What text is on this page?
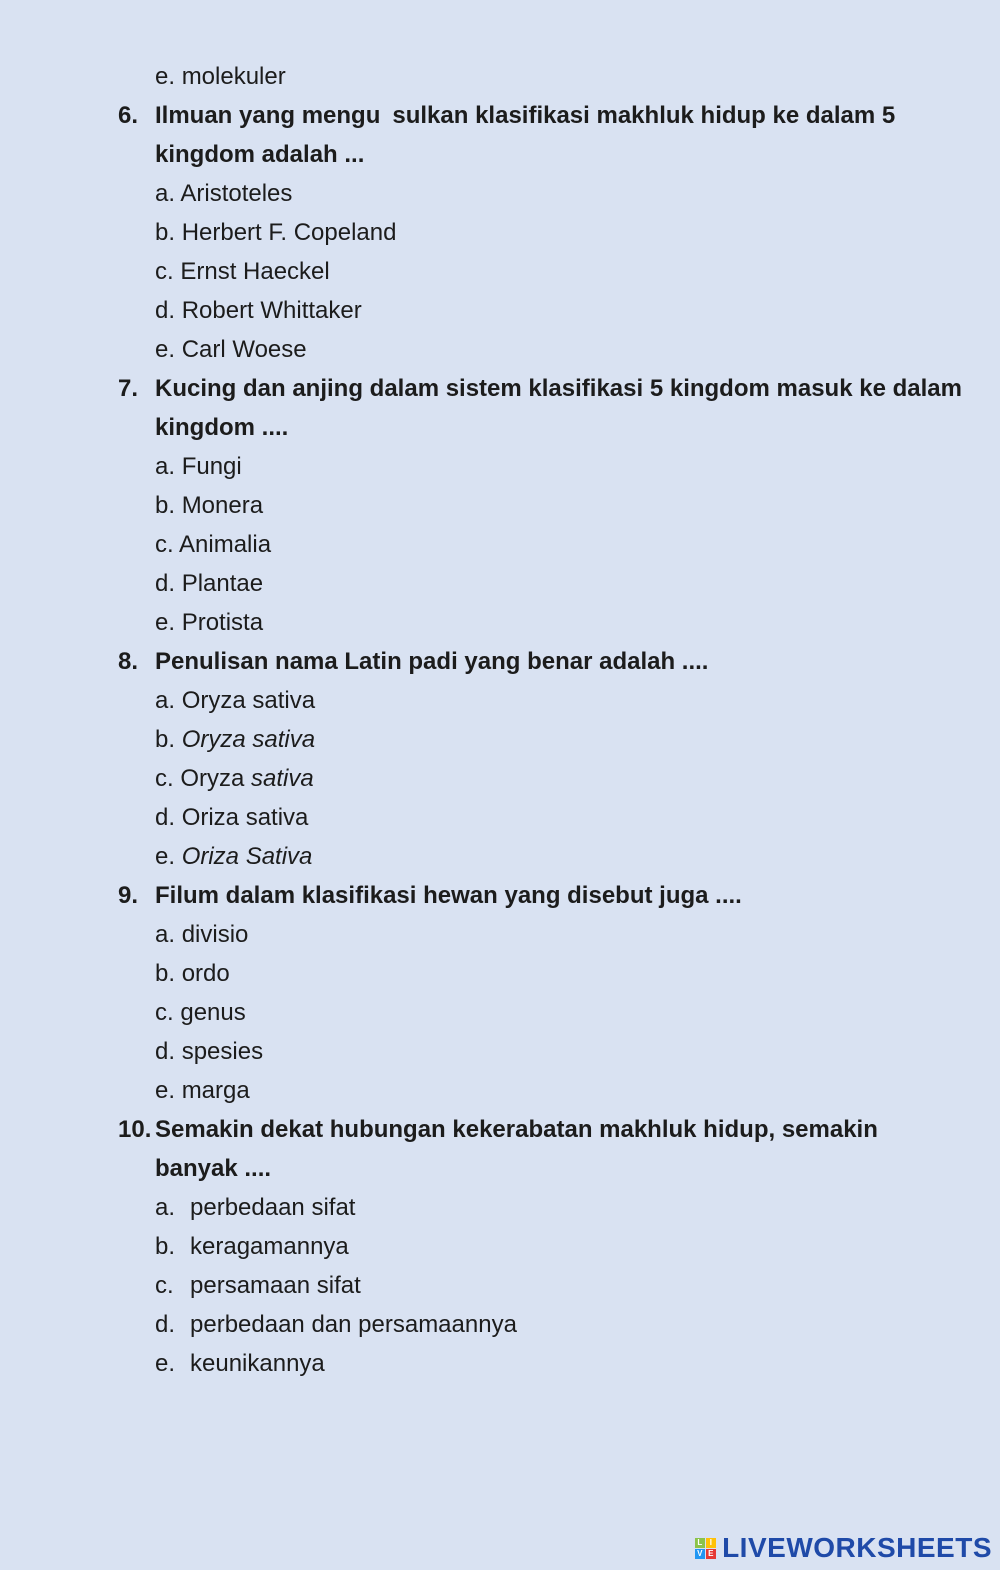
e. molekuler
6. Ilmuan yang mengu sulkan klasifikasi makhluk hidup ke dalam 5
kingdom adalah ...
a. Aristoteles
b. Herbert F. Copeland
c. Ernst Haeckel
d. Robert Whittaker
e. Carl Woese
7. Kucing dan anjing dalam sistem klasifikasi 5 kingdom masuk ke dalam
kingdom ....
a. Fungi
b. Monera
c. Animalia
d. Plantae
e. Protista
8. Penulisan nama Latin padi yang benar adalah ....
a. Oryza sativa
b. Oryza sativa
c. Oryza sativa
d. Oriza sativa
e. Oriza Sativa
9. Filum dalam klasifikasi hewan yang disebut juga ....
a. divisio
b. ordo
c. genus
d. spesies
e. marga
10. Semakin dekat hubungan kekerabatan makhluk hidup, semakin
banyak ....
a. perbedaan sifat
b. keragamannya
c. persamaan sifat
d. perbedaan dan persamaannya
e. keunikannya
L I
V E LIVEWORKSHEETS
